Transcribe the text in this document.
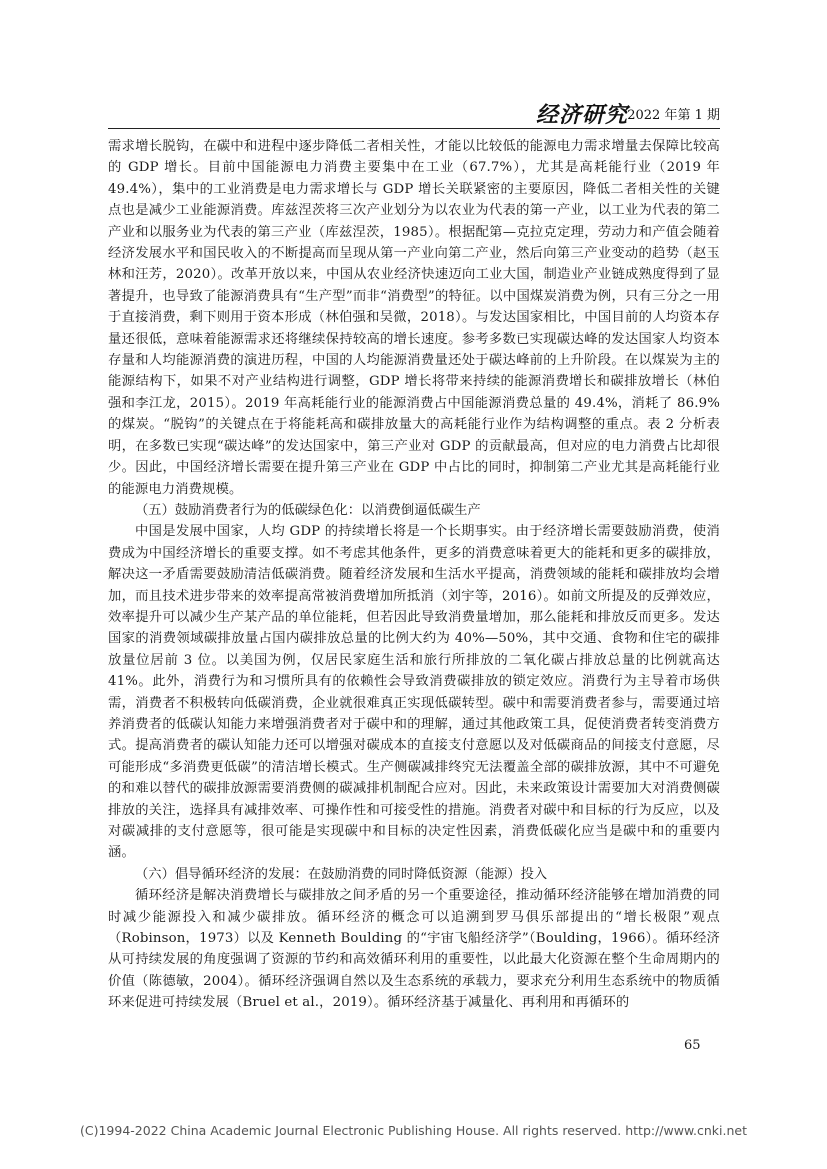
经济研究 2022 年第 1 期

需求增长脱钩，在碳中和进程中逐步降低二者相关性，才能以比较低的能源电力需求增量去保障比较高的 GDP 增长。目前中国能源电力消费主要集中在工业（67.7%），尤其是高耗能行业（2019 年 49.4%），集中的工业消费是电力需求增长与 GDP 增长关联紧密的主要原因，降低二者相关性的关键点也是减少工业能源消费。库兹涅茨将三次产业划分为以农业为代表的第一产业，以工业为代表的第二产业和以服务业为代表的第三产业（库兹涅茨，1985）。根据配第—克拉克定理，劳动力和产值会随着经济发展水平和国民收入的不断提高而呈现从第一产业向第二产业，然后向第三产业变动的趋势（赵玉林和汪芳，2020）。改革开放以来，中国从农业经济快速迈向工业大国，制造业产业链成熟度得到了显著提升，也导致了能源消费具有“生产型”而非“消费型”的特征。以中国煤炭消费为例，只有三分之一用于直接消费，剩下则用于资本形成（林伯强和吴微，2018）。与发达国家相比，中国目前的人均资本存量还很低，意味着能源需求还将继续保持较高的增长速度。参考多数已实现碳达峰的发达国家人均资本存量和人均能源消费的演进历程，中国的人均能源消费量还处于碳达峰前的上升阶段。在以煤炭为主的能源结构下，如果不对产业结构进行调整，GDP 增长将带来持续的能源消费增长和碳排放增长（林伯强和李江龙，2015）。2019 年高耗能行业的能源消费占中国能源消费总量的 49.4%，消耗了 86.9% 的煤炭。“脱钩”的关键点在于将能耗高和碳排放量大的高耗能行业作为结构调整的重点。表 2 分析表明，在多数已实现“碳达峰”的发达国家中，第三产业对 GDP 的贡献最高，但对应的电力消费占比却很少。因此，中国经济增长需要在提升第三产业在 GDP 中占比的同时，抑制第二产业尤其是高耗能行业的能源电力消费规模。

（五）鼓励消费者行为的低碳绿色化：以消费倒逼低碳生产

中国是发展中国家，人均 GDP 的持续增长将是一个长期事实。由于经济增长需要鼓励消费，使消费成为中国经济增长的重要支撑。如不考虑其他条件，更多的消费意味着更大的能耗和更多的碳排放，解决这一矛盾需要鼓励清洁低碳消费。随着经济发展和生活水平提高，消费领域的能耗和碳排放均会增加，而且技术进步带来的效率提高常被消费增加所抵消（刘宇等，2016）。如前文所提及的反弹效应，效率提升可以减少生产某产品的单位能耗，但若因此导致消费量增加，那么能耗和排放反而更多。发达国家的消费领域碳排放量占国内碳排放总量的比例大约为 40%—50%，其中交通、食物和住宅的碳排放量位居前 3 位。以美国为例，仅居民家庭生活和旅行所排放的二氧化碳占排放总量的比例就高达 41%。此外，消费行为和习惯所具有的依赖性会导致消费碳排放的锁定效应。消费行为主导着市场供需，消费者不积极转向低碳消费，企业就很难真正实现低碳转型。碳中和需要消费者参与，需要通过培养消费者的低碳认知能力来增强消费者对于碳中和的理解，通过其他政策工具，促使消费者转变消费方式。提高消费者的碳认知能力还可以增强对碳成本的直接支付意愿以及对低碳商品的间接支付意愿，尽可能形成“多消费更低碳”的清洁增长模式。生产侧碳减排终究无法覆盖全部的碳排放源，其中不可避免的和难以替代的碳排放源需要消费侧的碳减排机制配合应对。因此，未来政策设计需要加大对消费侧碳排放的关注，选择具有减排效率、可操作性和可接受性的措施。消费者对碳中和目标的行为反应，以及对碳减排的支付意愿等，很可能是实现碳中和目标的决定性因素，消费低碳化应当是碳中和的重要内涵。

（六）倡导循环经济的发展：在鼓励消费的同时降低资源（能源）投入

循环经济是解决消费增长与碳排放之间矛盾的另一个重要途径，推动循环经济能够在增加消费的同时减少能源投入和减少碳排放。循环经济的概念可以追溯到罗马俱乐部提出的“增长极限”观点（Robinson，1973）以及 Kenneth Boulding 的“宇宙飞船经济学”（Boulding，1966）。循环经济从可持续发展的角度强调了资源的节约和高效循环利用的重要性，以此最大化资源在整个生命周期内的价值（陈德敏，2004）。循环经济强调自然以及生态系统的承载力，要求充分利用生态系统中的物质循环来促进可持续发展（Bruel et al.，2019）。循环经济基于减量化、再利用和再循环的

65
(C)1994-2022 China Academic Journal Electronic Publishing House. All rights reserved. http://www.cnki.net
